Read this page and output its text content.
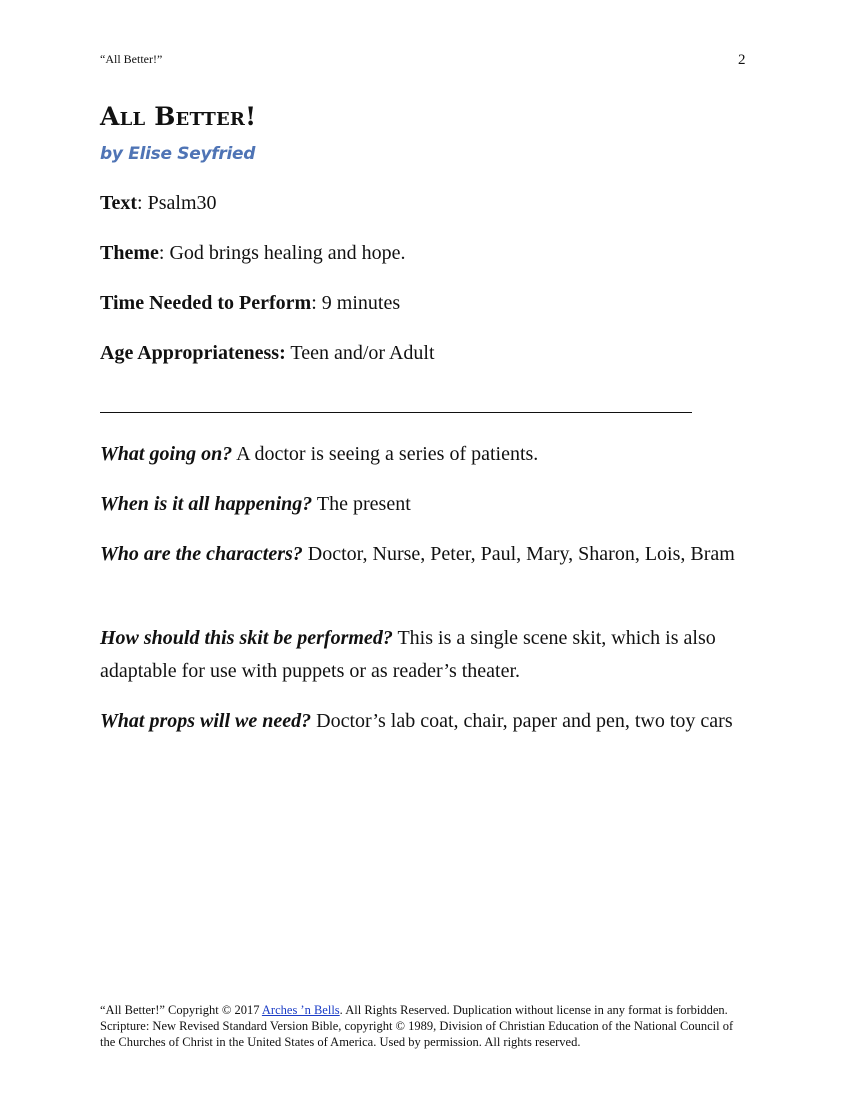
“All Better!”	2
All Better!
by Elise Seyfried
Text: Psalm30
Theme: God brings healing and hope.
Time Needed to Perform: 9 minutes
Age Appropriateness: Teen and/or Adult
What going on? A doctor is seeing a series of patients.
When is it all happening? The present
Who are the characters? Doctor, Nurse, Peter, Paul, Mary, Sharon, Lois, Bram
How should this skit be performed? This is a single scene skit, which is also adaptable for use with puppets or as reader’s theater.
What props will we need? Doctor’s lab coat, chair, paper and pen, two toy cars
“All Better!” Copyright © 2017 Arches ’n Bells. All Rights Reserved. Duplication without license in any format is forbidden. Scripture: New Revised Standard Version Bible, copyright © 1989, Division of Christian Education of the National Council of the Churches of Christ in the United States of America. Used by permission. All rights reserved.
